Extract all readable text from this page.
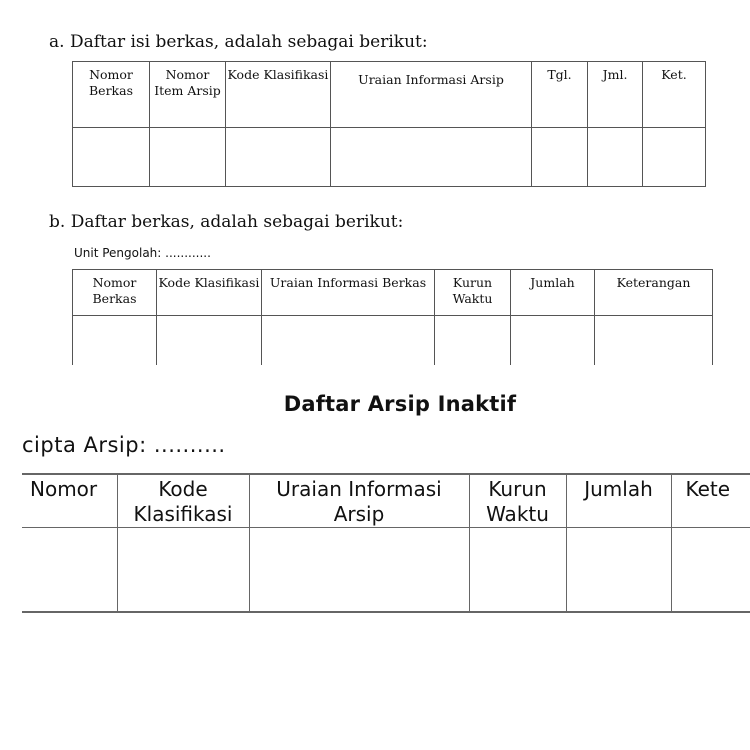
a. Daftar isi berkas, adalah sebagai berikut:
Nomor Berkas	Nomor Item Arsip	Kode Klasifikasi	Uraian Informasi Arsip	Tgl.	Jml.	Ket.

b. Daftar berkas, adalah sebagai berikut:
Unit Pengolah: ............
Nomor Berkas	Kode Klasifikasi	Uraian Informasi Berkas	Kurun Waktu	Jumlah	Keterangan

Daftar Arsip Inaktif
cipta Arsip: ..........
Nomor	Kode Klasifikasi	Uraian Informasi Arsip	Kurun Waktu	Jumlah	Kete
